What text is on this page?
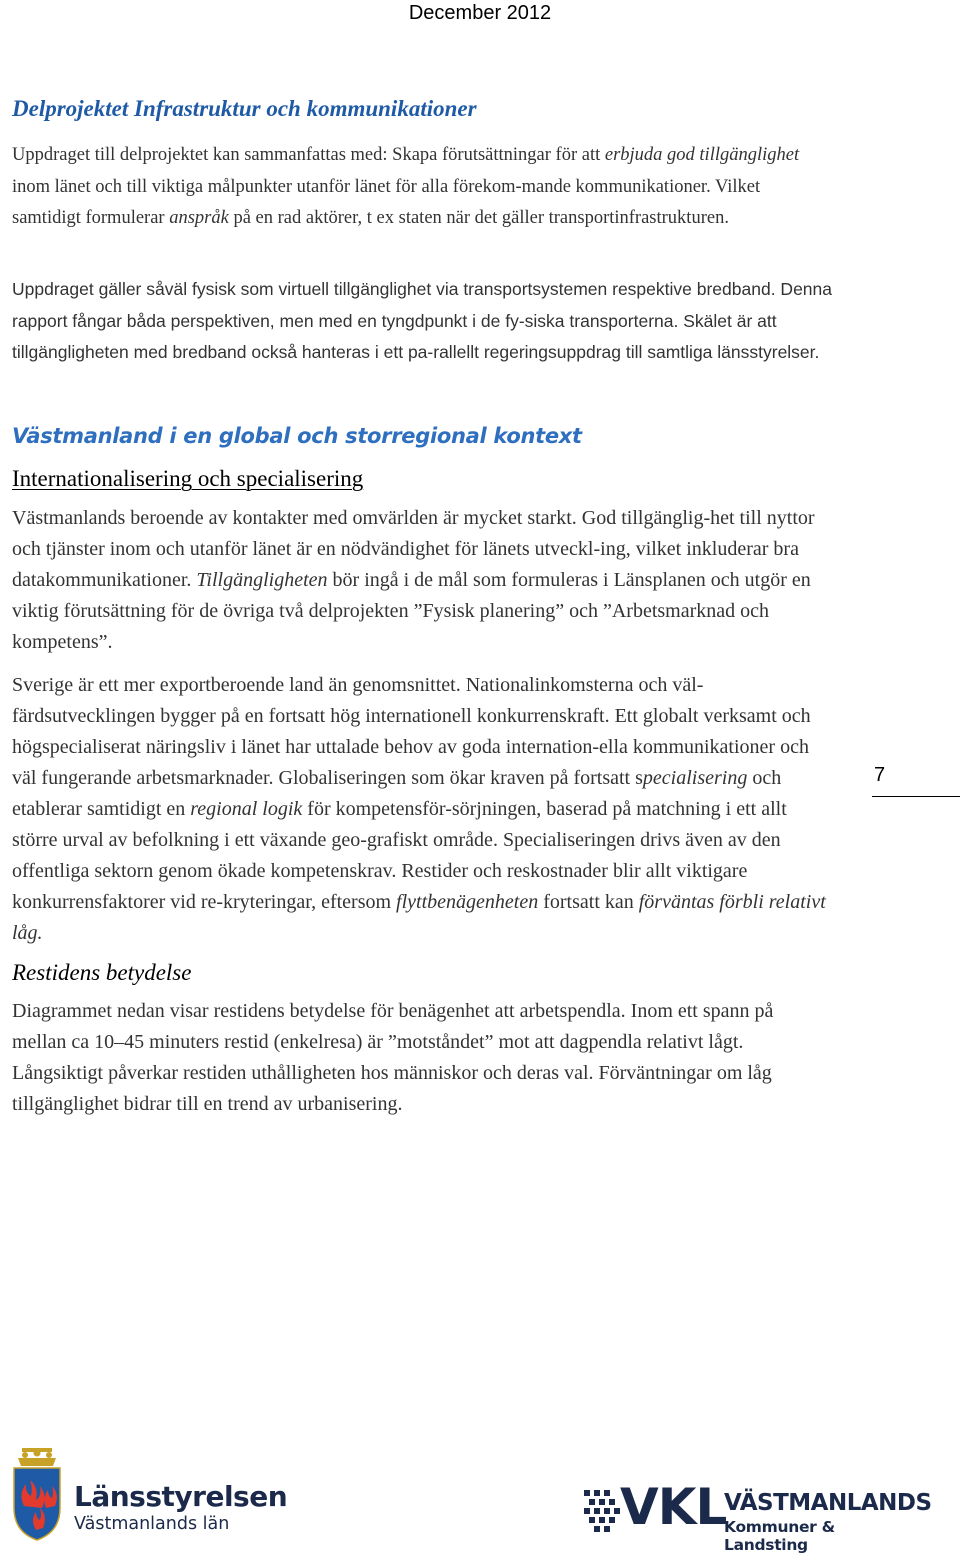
December 2012
Delprojektet Infrastruktur och kommunikationer

Uppdraget till delprojektet kan sammanfattas med: Skapa förutsättningar för att erbjuda god tillgänglighet inom länet och till viktiga målpunkter utanför länet för alla förekom-mande kommunikationer. Vilket samtidigt formulerar anspråk på en rad aktörer, t ex staten när det gäller transportinfrastrukturen.

Uppdraget gäller såväl fysisk som virtuell tillgänglighet via transportsystemen respektive bredband. Denna rapport fångar båda perspektiven, men med en tyngdpunkt i de fy-siska transporterna. Skälet är att tillgängligheten med bredband också hanteras i ett pa-rallellt regeringsuppdrag till samtliga länsstyrelser.

Västmanland i en global och storregional kontext
Internationalisering och specialisering

Västmanlands beroende av kontakter med omvärlden är mycket starkt. God tillgänglig-het till nyttor och tjänster inom och utanför länet är en nödvändighet för länets utveckl-ing, vilket inkluderar bra datakommunikationer. Tillgängligheten bör ingå i de mål som formuleras i Länsplanen och utgör en viktig förutsättning för de övriga två delprojekten ”Fysisk planering” och ”Arbetsmarknad och kompetens”.

Sverige är ett mer exportberoende land än genomsnittet. Nationalinkomsterna och väl-färdsutvecklingen bygger på en fortsatt hög internationell konkurrenskraft. Ett globalt verksamt och högspecialiserat näringsliv i länet har uttalade behov av goda internation-ella kommunikationer och väl fungerande arbetsmarknader. Globaliseringen som ökar kraven på fortsatt specialisering och etablerar samtidigt en regional logik för kompetensför-sörjningen, baserad på matchning i ett allt större urval av befolkning i ett växande geo-grafiskt område. Specialiseringen drivs även av den offentliga sektorn genom ökade kompetenskrav. Restider och reskostnader blir allt viktigare konkurrensfaktorer vid re-kryteringar, eftersom flyttbenägenheten fortsatt kan förväntas förbli relativt låg.

Restidens betydelse

Diagrammet nedan visar restidens betydelse för benägenhet att arbetspendla. Inom ett spann på mellan ca 10–45 minuters restid (enkelresa) är ”motståndet” mot att dagpendla relativt lågt. Långsiktigt påverkar restiden uthålligheten hos människor och deras val. Förväntningar om låg tillgänglighet bidrar till en trend av urbanisering.

7
Länsstyrelsen
Västmanlands län	VKL
VÄSTMANLANDS
Kommuner & Landsting
